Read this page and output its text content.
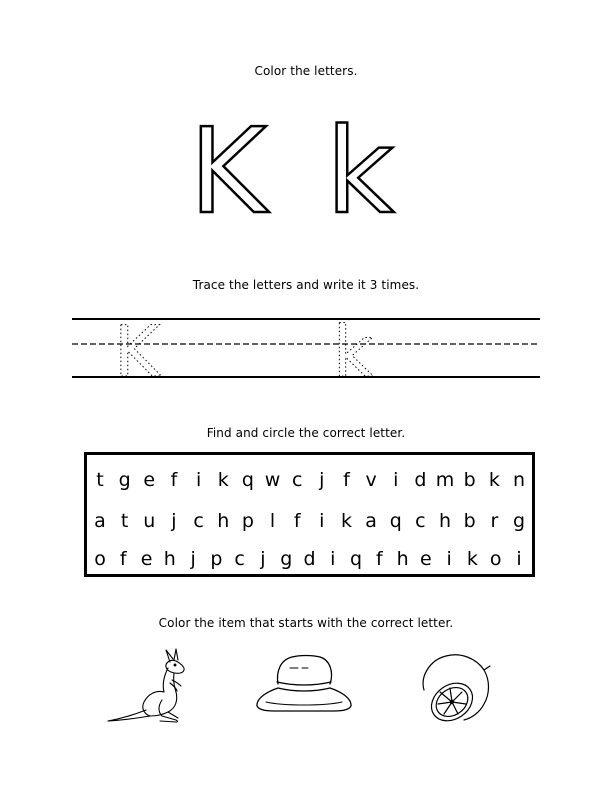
Color the letters.
K k
Trace the letters and write it 3 times.
K k
Find and circle the correct letter.
t g e f i k q w c j f v i d m b k n
a t u j c h p l f i k a q c h b r g
o f e h j p c j g d i q f h e i k o i
Color the item that starts with the correct letter.
